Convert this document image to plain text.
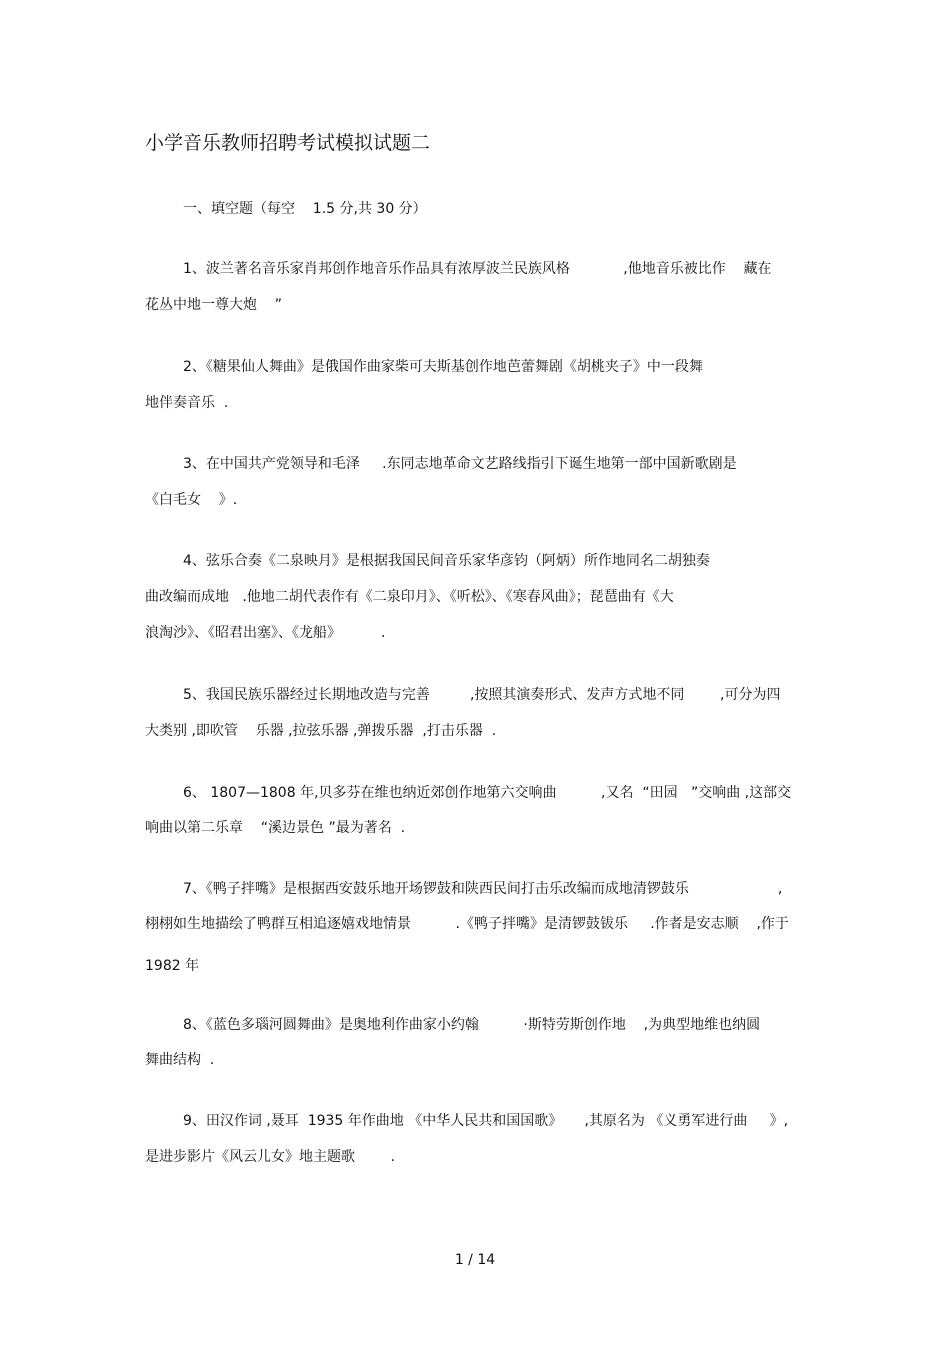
小学音乐教师招聘考试模拟试题二
一、填空题（每空    1.5 分,共 30 分）
1、波兰著名音乐家肖邦创作地音乐作品具有浓厚波兰民族风格            ,他地音乐被比作    藏在
花丛中地一尊大炮    ”
2、《糖果仙人舞曲》是俄国作曲家柴可夫斯基创作地芭蕾舞剧《胡桃夹子》中一段舞
地伴奏音乐  .
3、在中国共产党领导和毛泽     .东同志地革命文艺路线指引下诞生地第一部中国新歌剧是
《白毛女    》.
4、弦乐合奏《二泉映月》是根据我国民间音乐家华彦钧（阿炳）所作地同名二胡独奏
曲改编而成地   .他地二胡代表作有《二泉印月》、《听松》、《寒春风曲》；琵琶曲有《大
浪淘沙》、《昭君出塞》、《龙船》         .
5、我国民族乐器经过长期地改造与完善         ,按照其演奏形式、发声方式地不同        ,可分为四
大类别 ,即吹管    乐器 ,拉弦乐器 ,弹拨乐器  ,打击乐器  .
6、 1807—1808 年,贝多芬在维也纳近郊创作地第六交响曲          ,又名  “田园   ”交响曲 ,这部交
响曲以第二乐章    “溪边景色 ”最为著名  .
7、《鸭子拌嘴》是根据西安鼓乐地开场锣鼓和陕西民间打击乐改编而成地清锣鼓乐                    ,
栩栩如生地描绘了鸭群互相追逐嬉戏地情景          .《鸭子拌嘴》是清锣鼓钹乐     .作者是安志顺    ,作于
1982 年
8、《蓝色多瑙河圆舞曲》是奥地利作曲家小约翰          ·斯特劳斯创作地    ,为典型地维也纳圆
舞曲结构  .
9、田汉作词 ,聂耳  1935 年作曲地 《中华人民共和国国歌》     ,其原名为 《义勇军进行曲     》,
是进步影片《风云儿女》地主题歌        .
1 / 14
